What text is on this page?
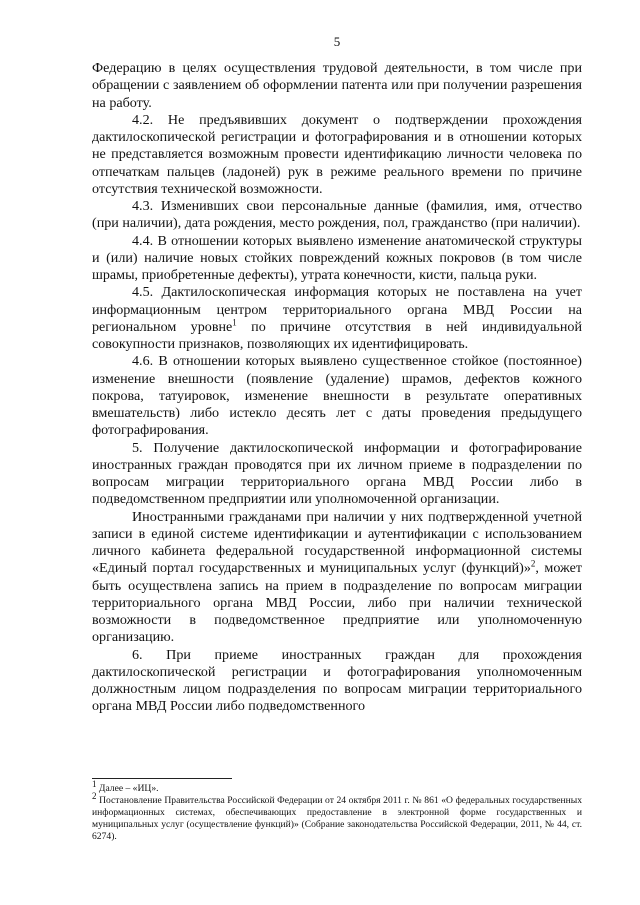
5

Федерацию в целях осуществления трудовой деятельности, в том числе при обращении с заявлением об оформлении патента или при получении разрешения на работу.

4.2. Не предъявивших документ о подтверждении прохождения дактилоскопической регистрации и фотографирования и в отношении которых не представляется возможным провести идентификацию личности человека по отпечаткам пальцев (ладоней) рук в режиме реального времени по причине отсутствия технической возможности.

4.3. Изменивших свои персональные данные (фамилия, имя, отчество (при наличии), дата рождения, место рождения, пол, гражданство (при наличии).

4.4. В отношении которых выявлено изменение анатомической структуры и (или) наличие новых стойких повреждений кожных покровов (в том числе шрамы, приобретенные дефекты), утрата конечности, кисти, пальца руки.

4.5. Дактилоскопическая информация которых не поставлена на учет информационным центром территориального органа МВД России на региональном уровне$^1$ по причине отсутствия в ней индивидуальной совокупности признаков, позволяющих их идентифицировать.

4.6. В отношении которых выявлено существенное стойкое (постоянное) изменение внешности (появление (удаление) шрамов, дефектов кожного покрова, татуировок, изменение внешности в результате оперативных вмешательств) либо истекло десять лет с даты проведения предыдущего фотографирования.

5. Получение дактилоскопической информации и фотографирование иностранных граждан проводятся при их личном приеме в подразделении по вопросам миграции территориального органа МВД России либо в подведомственном предприятии или уполномоченной организации.

Иностранными гражданами при наличии у них подтвержденной учетной записи в единой системе идентификации и аутентификации с использованием личного кабинета федеральной государственной информационной системы «Единый портал государственных и муниципальных услуг (функций)»$^2$, может быть осуществлена запись на прием в подразделение по вопросам миграции территориального органа МВД России, либо при наличии технической возможности в подведомственное предприятие или уполномоченную организацию.

6. При приеме иностранных граждан для прохождения дактилоскопической регистрации и фотографирования уполномоченным должностным лицом подразделения по вопросам миграции территориального органа МВД России либо подведомственного

$^1$ Далее – «ИЦ».

$^2$ Постановление Правительства Российской Федерации от 24 октября 2011 г. № 861 «О федеральных государственных информационных системах, обеспечивающих предоставление в электронной форме государственных и муниципальных услуг (осуществление функций)» (Собрание законодательства Российской Федерации, 2011, № 44, ст. 6274).
